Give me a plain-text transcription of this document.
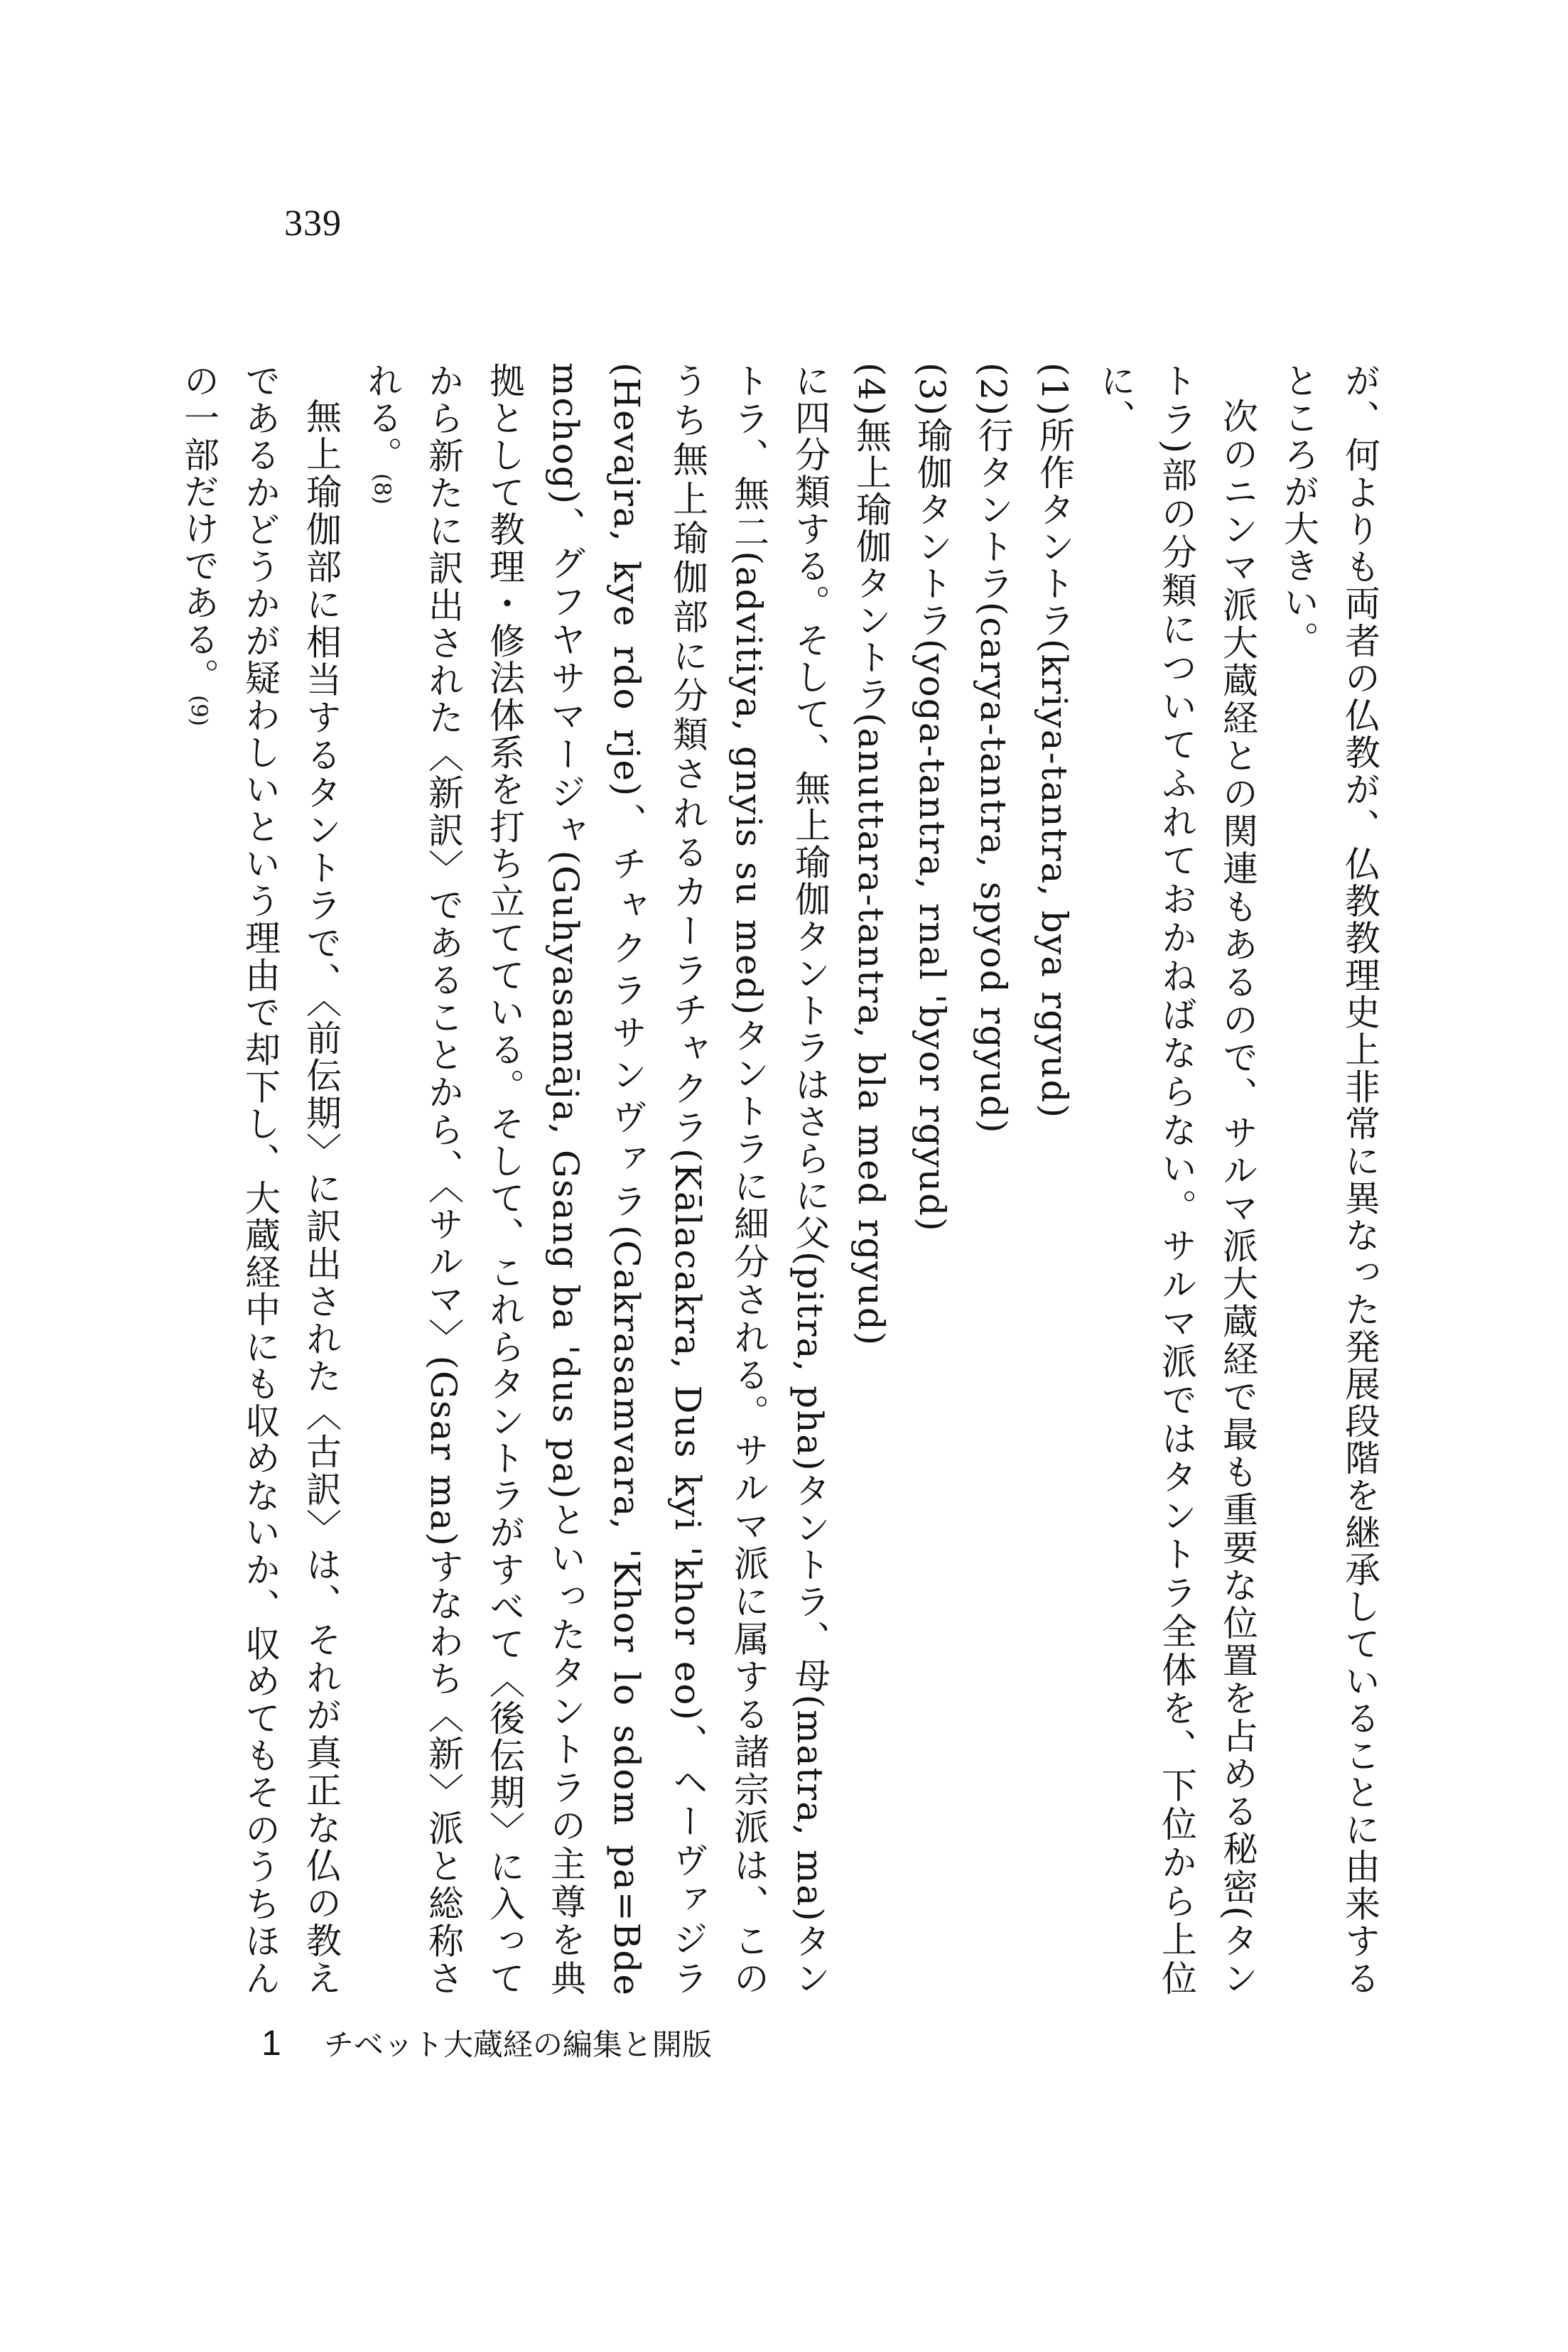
339

が、何よりも両者の仏教が、仏教教理史上非常に異なった発展段階を継承していることに由来するところが大きい。

次のニンマ派大蔵経との関連もあるので、サルマ派大蔵経で最も重要な位置を占める秘密(タントラ)部の分類についてふれておかねばならない。サルマ派ではタントラ全体を、下位から上位に、

(1)所作タントラ(kriya-tantra, bya rgyud)

(2)行タントラ(carya-tantra, spyod rgyud)

(3)瑜伽タントラ(yoga-tantra, rnal 'byor rgyud)

(4)無上瑜伽タントラ(anuttara-tantra, bla med rgyud)

に四分類する。そして、無上瑜伽タントラはさらに父(pitra, pha)タントラ、母(matra, ma)タントラ、無二(advitiya, gnyis su med)タントラに細分される。サルマ派に属する諸宗派は、このうち無上瑜伽部に分類されるカーラチャクラ(Kālacakra, Dus kyi 'khor eo)、ヘーヴァジラ(Hevajra, kye rdo rje)、チャクラサンヴァラ(Cakrasamvara, 'Khor lo sdom pa=Bde mchog)、グフヤサマージャ(Guhyasamāja, Gsang ba 'dus pa)といったタントラの主尊を典拠として教理・修法体系を打ち立てている。そして、これらタントラがすべて〈後伝期〉に入ってから新たに訳出された〈新訳〉であることから、〈サルマ〉(Gsar ma)すなわち〈新〉派と総称される。(8)

無上瑜伽部に相当するタントラで、〈前伝期〉に訳出された〈古訳〉は、それが真正な仏の教えであるかどうかが疑わしいという理由で却下し、大蔵経中にも収めないか、収めてもそのうちほんの一部だけである。(9)

1 チベット大蔵経の編集と開版
